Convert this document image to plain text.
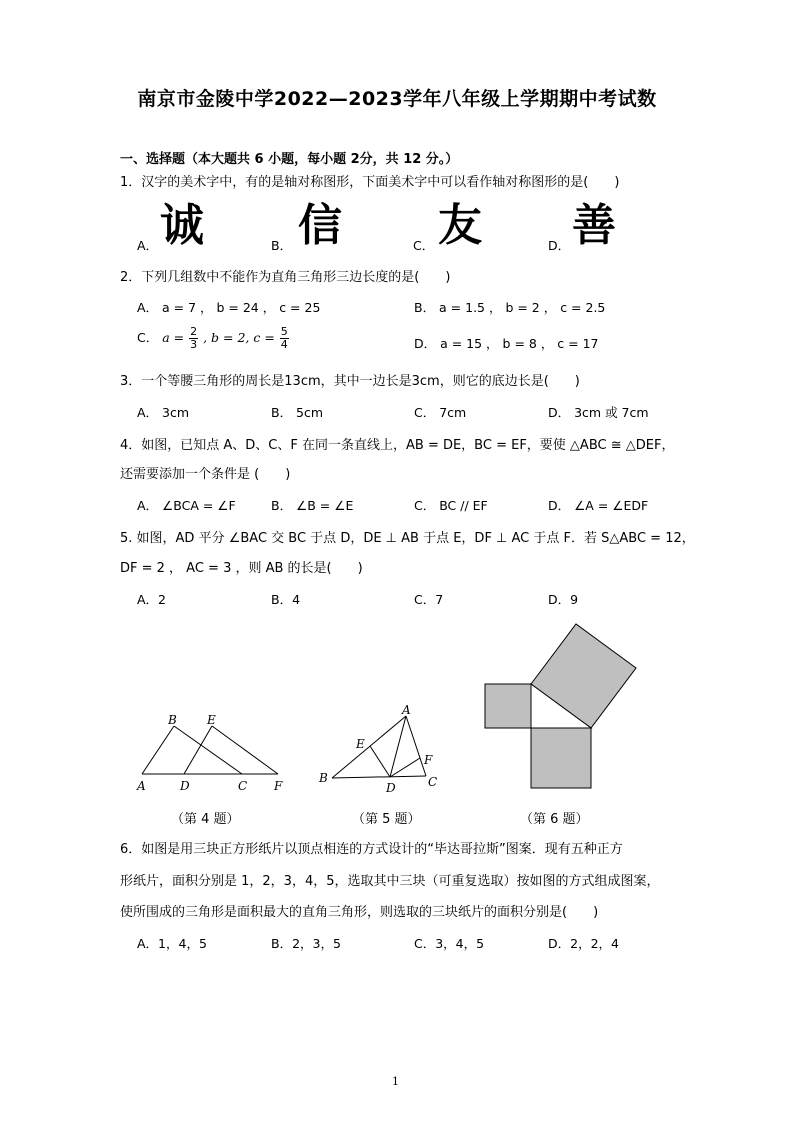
南京市金陵中学2022—2023学年八年级上学期期中考试数
一、选择题（本大题共 6 小题，每小题 2分，共 12 分。）
1．汉字的美术字中，有的是轴对称图形，下面美术字中可以看作轴对称图形的是(　　)
A． 诚	B． 信	C． 友	D． 善
2．下列几组数中不能作为直角三角形三边长度的是(　　)
A． a = 7 ， b = 24 ， c = 25	B． a = 1.5 ， b = 2 ， c = 2.5
C． $a = \frac{2}{3}$ , b = 2, $c = \frac{5}{4}$	D． a = 15 ， b = 8 ， c = 17
3．一个等腰三角形的周长是13cm，其中一边长是3cm，则它的底边长是(　　)
A． 3cm	B． 5cm	C． 7cm	D． 3cm 或 7cm
4．如图，已知点 A、D、C、F 在同一条直线上，AB = DE，BC = EF，要使 △ABC ≅ △DEF，
还需要添加一个条件是 (　　)
A． ∠BCA = ∠F	B． ∠B = ∠E	C． BC // EF	D． ∠A = ∠EDF
5. 如图，AD 平分 ∠BAC 交 BC 于点 D，DE ⊥ AB 于点 E，DF ⊥ AC 于点 F．若 S△ABC = 12，
DF = 2 ， AC = 3 ，则 AB 的长是(　　)
A．2	B．4	C．7	D．9
B	E
A	D	C F
（第 4 题）
A
E
F
B
D	C
（第 5 题）	（第 6 题）
6．如图是用三块正方形纸片以顶点相连的方式设计的“毕达哥拉斯”图案．现有五种正方
形纸片，面积分别是 1，2，3，4，5，选取其中三块（可重复选取）按如图的方式组成图案，
使所围成的三角形是面积最大的直角三角形，则选取的三块纸片的面积分别是(　　)
A．1，4，5	B．2，3，5	C．3，4，5	D．2，2，4
1
